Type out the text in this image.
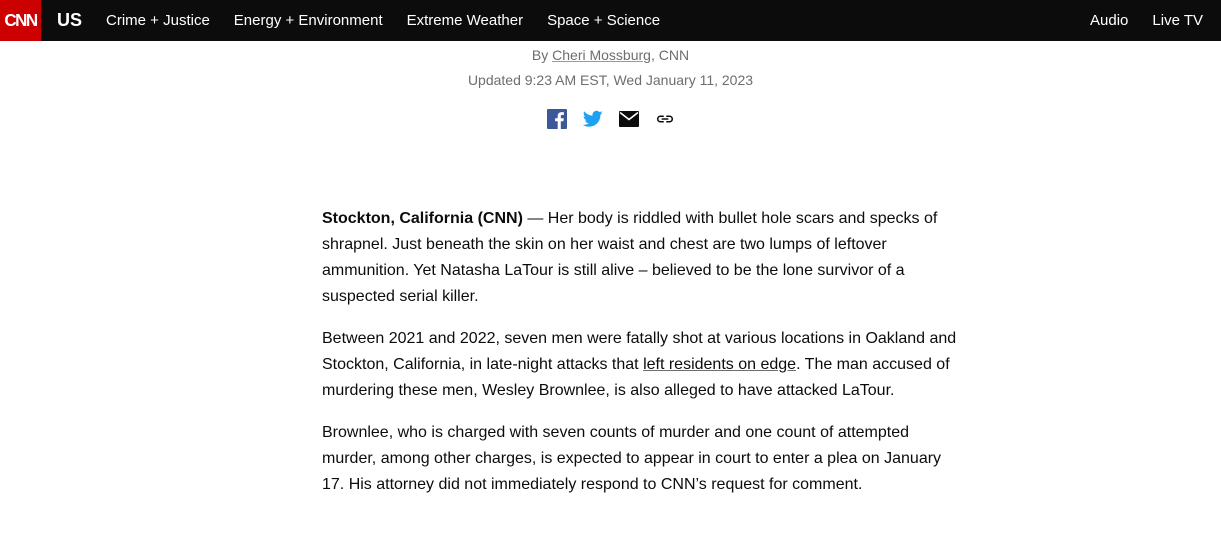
CNN US Crime + Justice Energy + Environment Extreme Weather Space + Science	Audio Live TV
By Cheri Mossburg, CNN
Updated 9:23 AM EST, Wed January 11, 2023

Stockton, California (CNN) — Her body is riddled with bullet hole scars and specks of shrapnel. Just beneath the skin on her waist and chest are two lumps of leftover ammunition. Yet Natasha LaTour is still alive – believed to be the lone survivor of a suspected serial killer.

Between 2021 and 2022, seven men were fatally shot at various locations in Oakland and Stockton, California, in late-night attacks that left residents on edge. The man accused of murdering these men, Wesley Brownlee, is also alleged to have attacked LaTour.

Brownlee, who is charged with seven counts of murder and one count of attempted murder, among other charges, is expected to appear in court to enter a plea on January 17. His attorney did not immediately respond to CNN’s request for comment.
